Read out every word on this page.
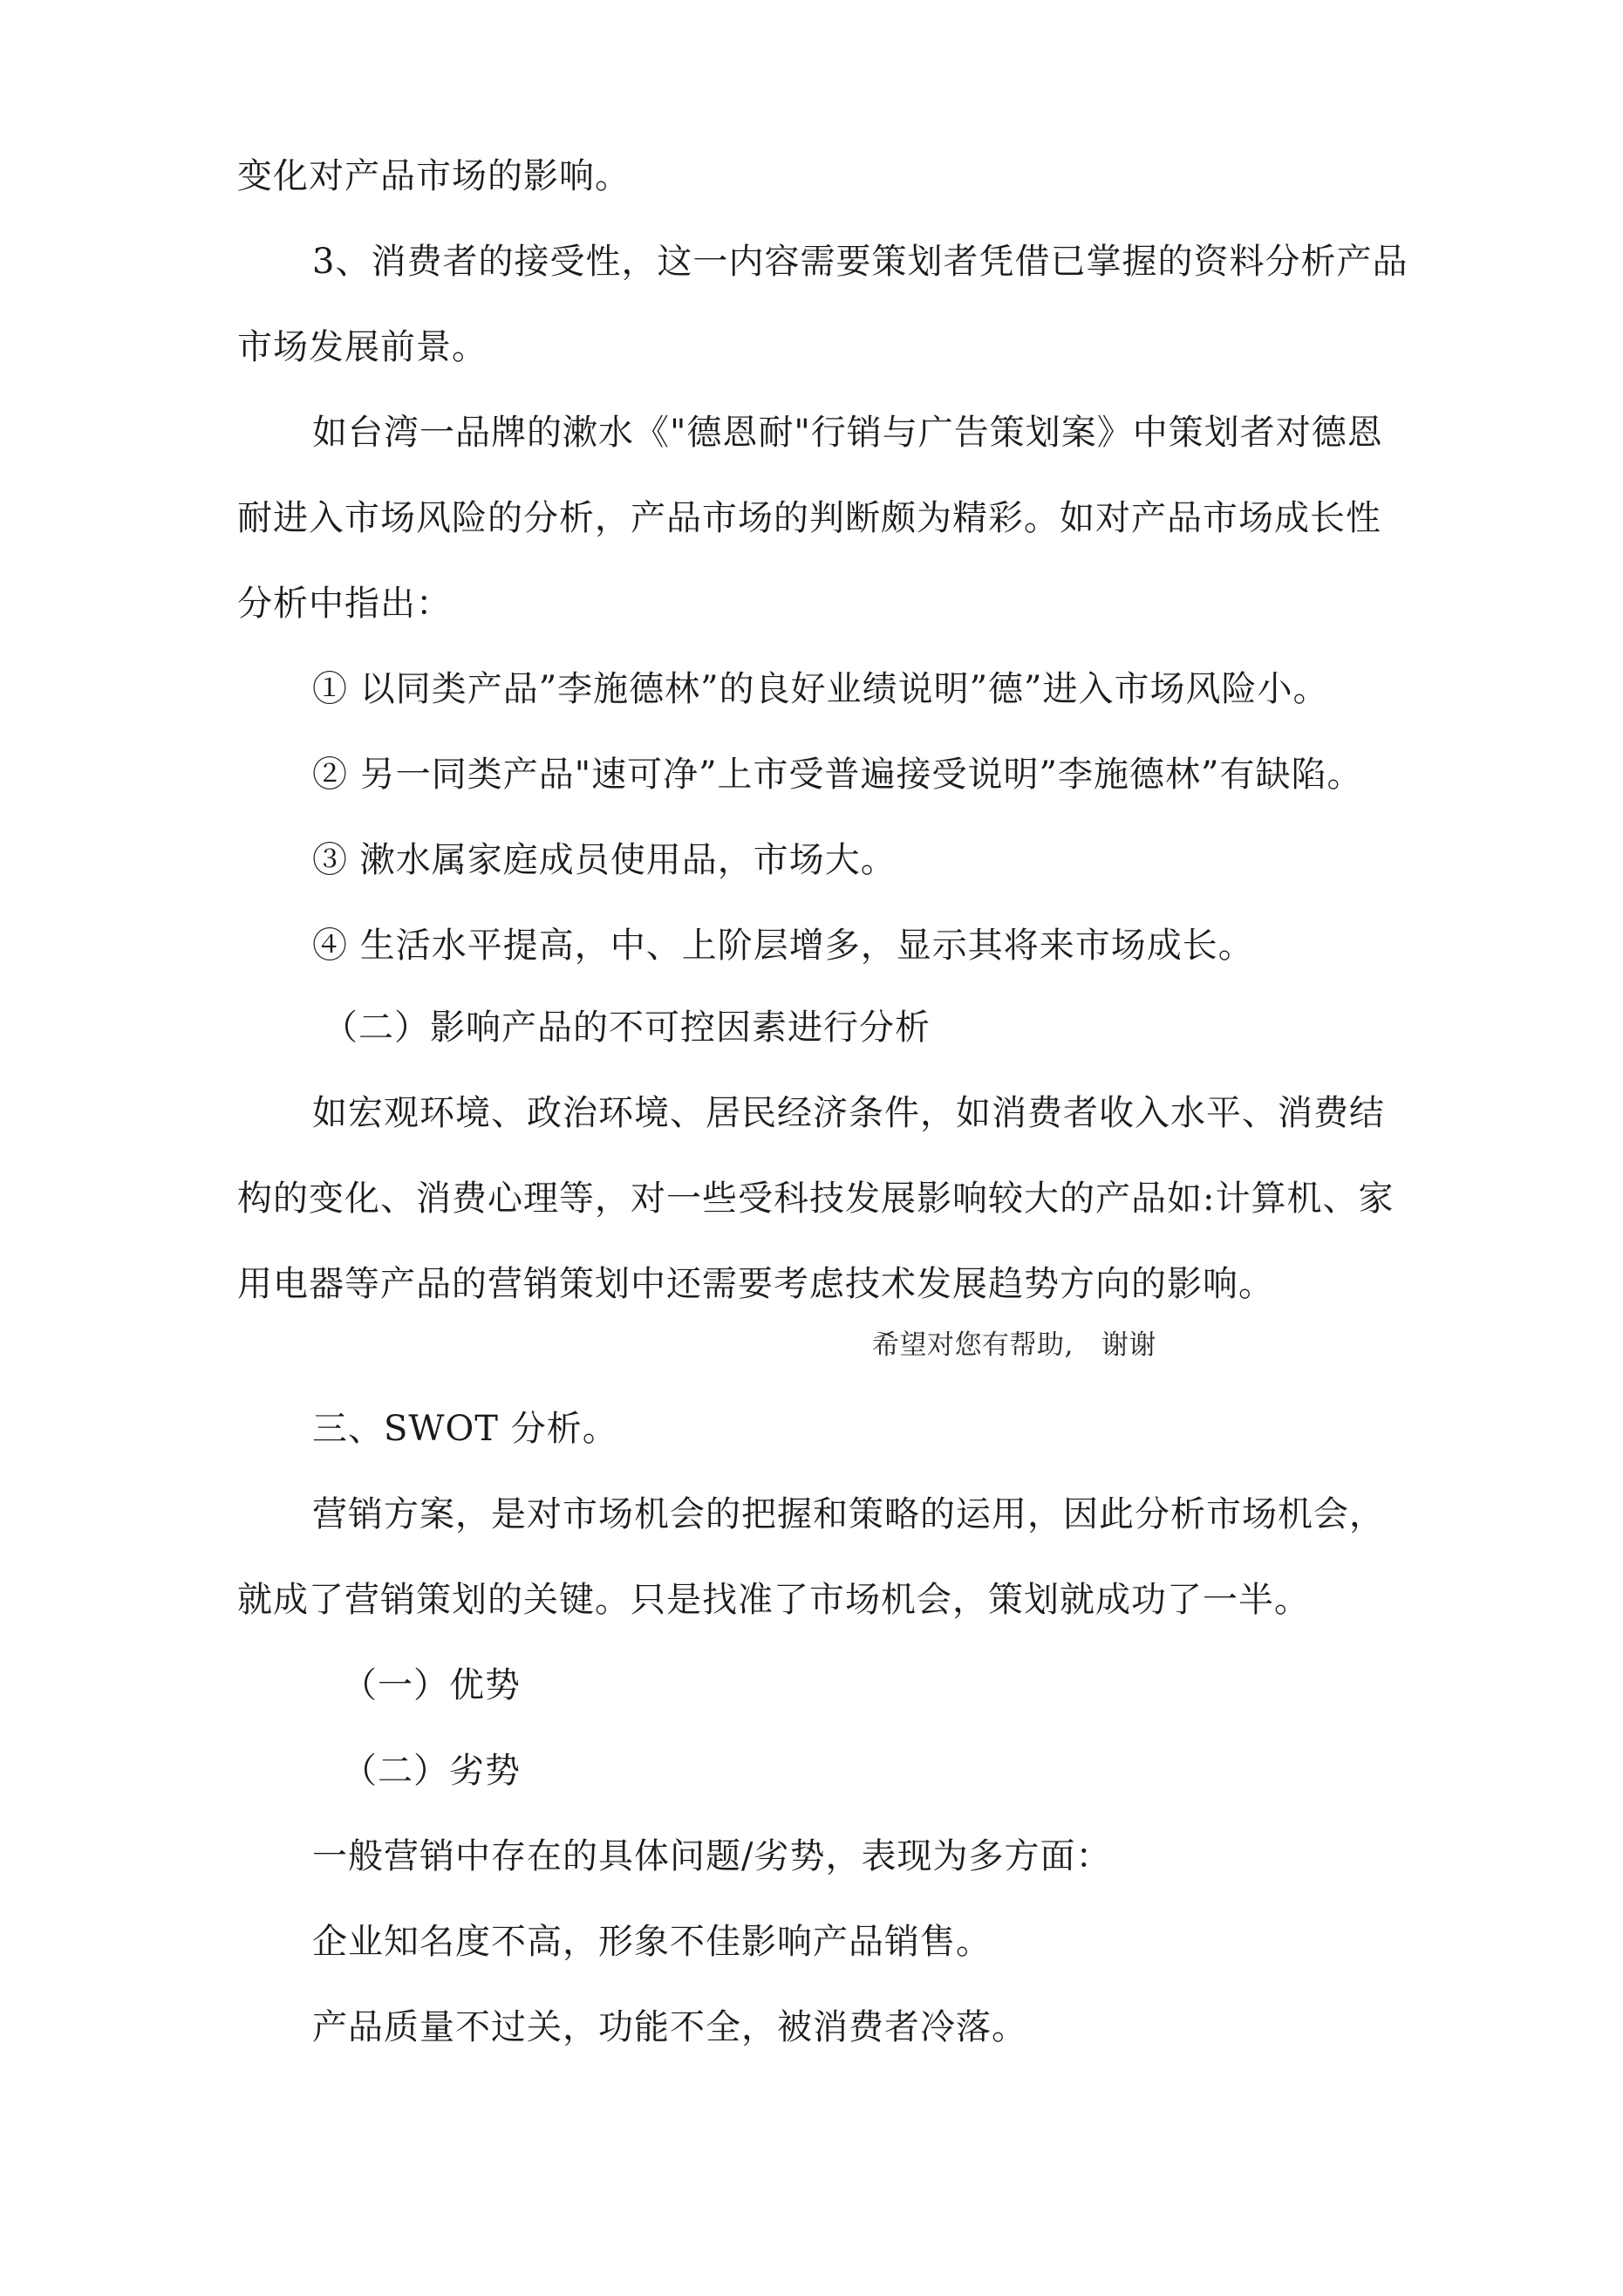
变化对产品市场的影响。
3、消费者的接受性，这一内容需要策划者凭借已掌握的资料分析产品
市场发展前景。
如台湾一品牌的漱水《"德恩耐"行销与广告策划案》中策划者对德恩
耐进入市场风险的分析，产品市场的判断颇为精彩。如对产品市场成长性
分析中指出：
① 以同类产品”李施德林”的良好业绩说明”德”进入市场风险小。
② 另一同类产品"速可净”上市受普遍接受说明”李施德林”有缺陷。
③ 漱水属家庭成员使用品，市场大。
④ 生活水平提高，中、上阶层增多，显示其将来市场成长。
（二）影响产品的不可控因素进行分析
如宏观环境、政治环境、居民经济条件，如消费者收入水平、消费结
构的变化、消费心理等，对一些受科技发展影响较大的产品如:计算机、家
用电器等产品的营销策划中还需要考虑技术发展趋势方向的影响。
希望对您有帮助, 谢谢
三、SWOT 分析。
营销方案，是对市场机会的把握和策略的运用，因此分析市场机会，
就成了营销策划的关键。只是找准了市场机会，策划就成功了一半。
（一）优势
（二）劣势
一般营销中存在的具体问题/劣势，表现为多方面：
企业知名度不高，形象不佳影响产品销售。
产品质量不过关，功能不全，被消费者冷落。
